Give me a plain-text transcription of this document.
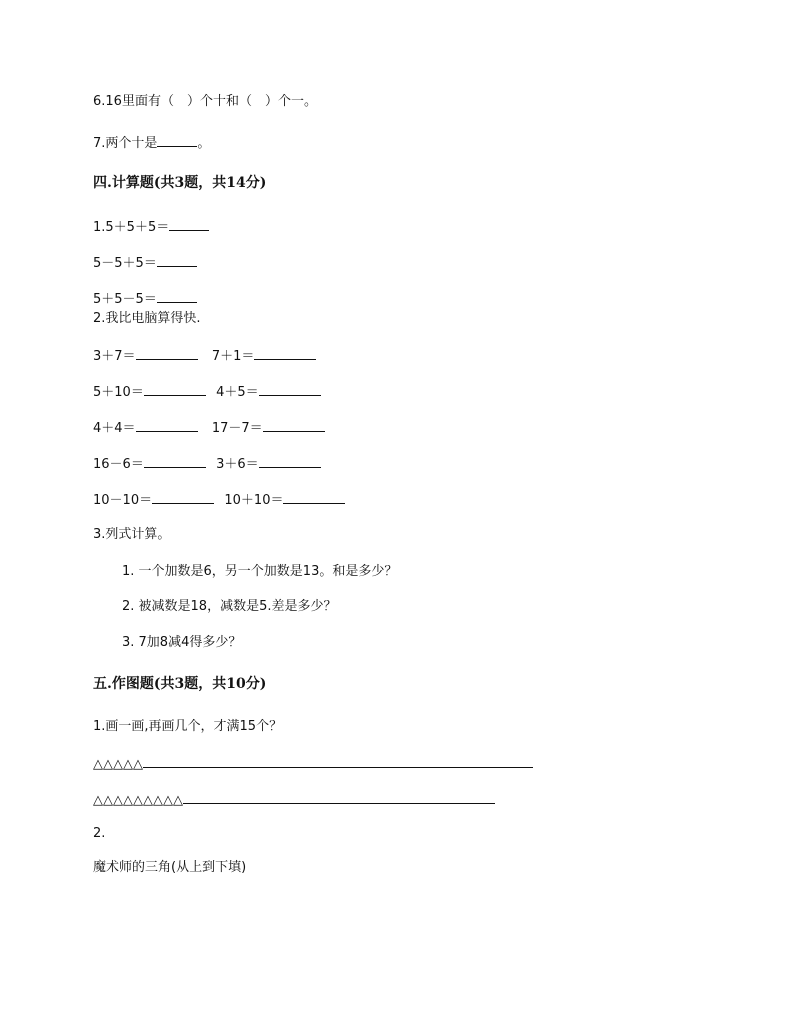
6.16里面有（　）个十和（　）个一。
7.两个十是	。
四.计算题(共3题，共14分)
1.5＋5＋5＝
5－5＋5＝
5＋5－5＝
2.我比电脑算得快.
3＋7＝	7＋1＝
5＋10＝	4＋5＝
4＋4＝	17－7＝
16－6＝	3＋6＝
10－10＝	10＋10＝
3.列式计算。
1. 一个加数是6，另一个加数是13。和是多少？
2. 被减数是18，减数是5.差是多少？
3. 7加8减4得多少？
五.作图题(共3题，共10分)
1.画一画,再画几个，才满15个？
△△△△△
△△△△△△△△△
2.
魔术师的三角(从上到下填)
